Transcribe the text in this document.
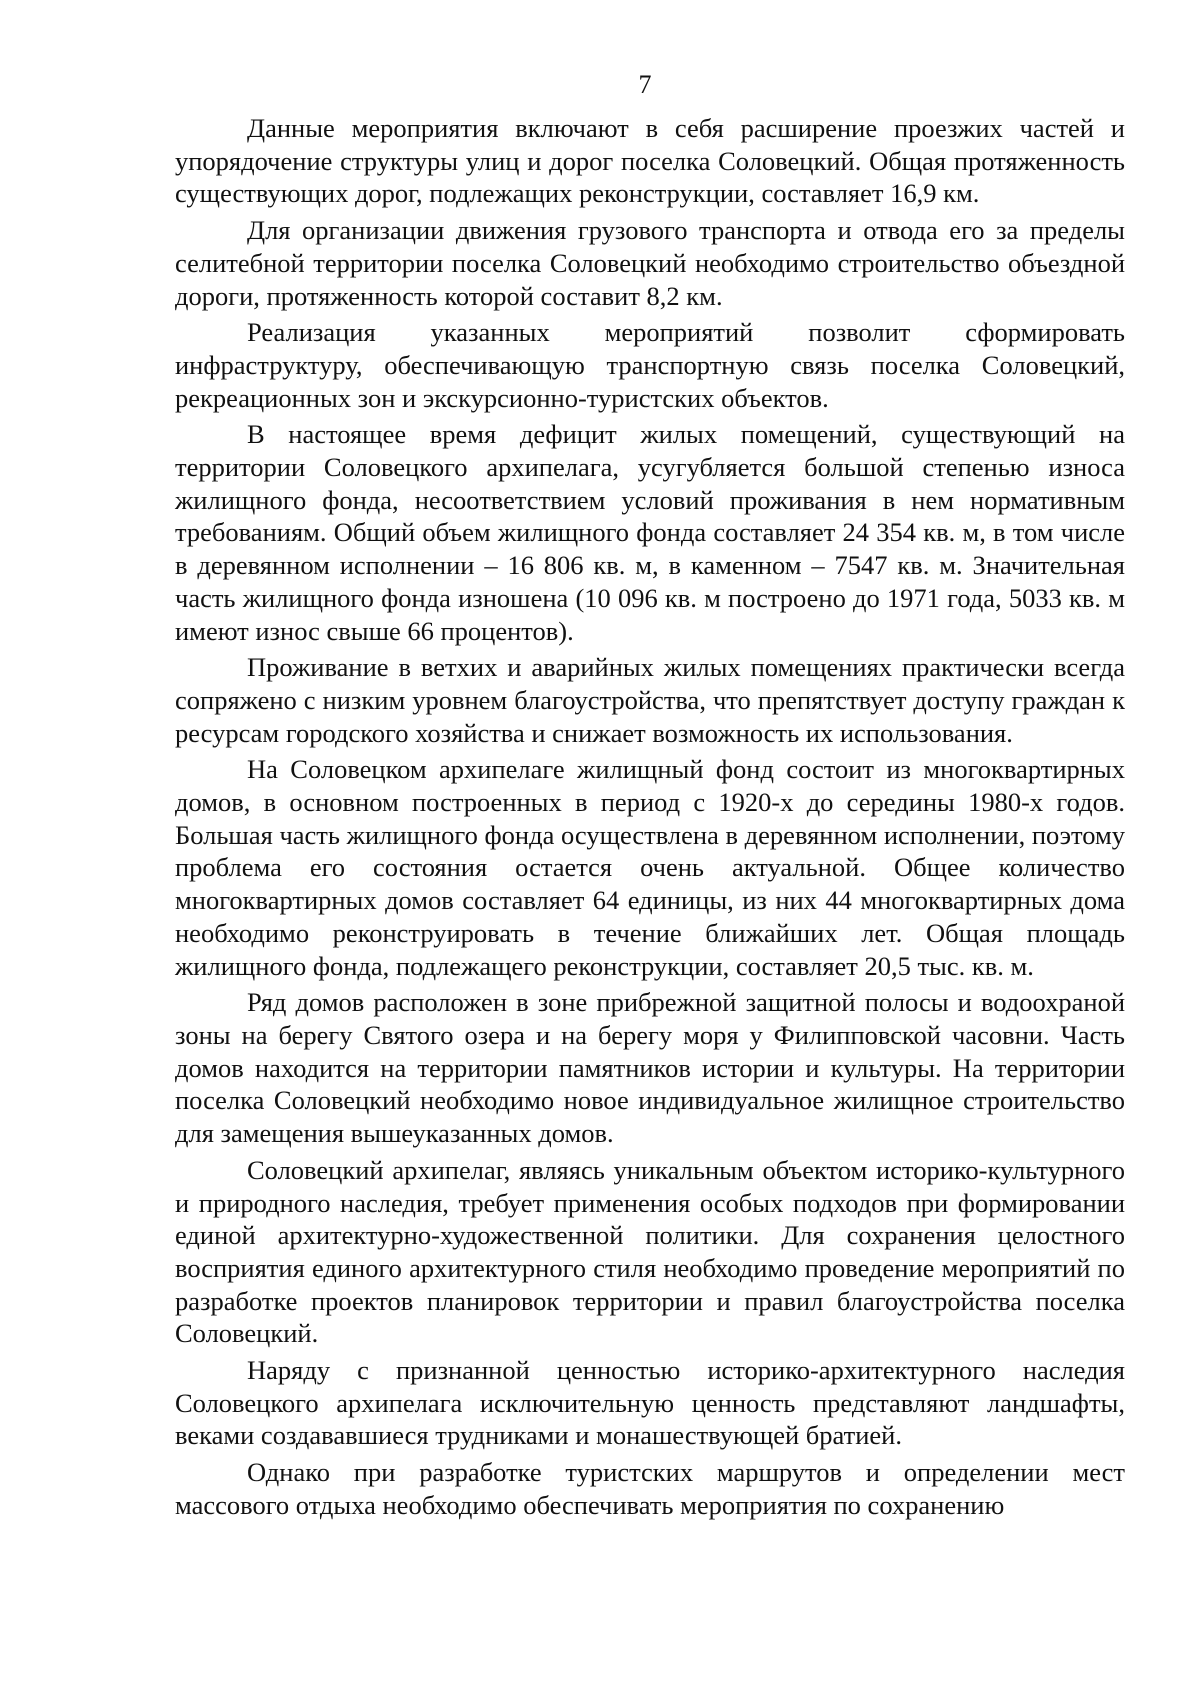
7

Данные мероприятия включают в себя расширение проезжих частей и упорядочение структуры улиц и дорог поселка Соловецкий. Общая протяженность существующих дорог, подлежащих реконструкции, составляет 16,9 км.

Для организации движения грузового транспорта и отвода его за пределы селитебной территории поселка Соловецкий необходимо строительство объездной дороги, протяженность которой составит 8,2 км.

Реализация указанных мероприятий позволит сформировать инфраструктуру, обеспечивающую транспортную связь поселка Соловецкий, рекреационных зон и экскурсионно-туристских объектов.

В настоящее время дефицит жилых помещений, существующий на территории Соловецкого архипелага, усугубляется большой степенью износа жилищного фонда, несоответствием условий проживания в нем нормативным требованиям. Общий объем жилищного фонда составляет 24 354 кв. м, в том числе в деревянном исполнении – 16 806 кв. м, в каменном – 7547 кв. м. Значительная часть жилищного фонда изношена (10 096 кв. м построено до 1971 года, 5033 кв. м имеют износ свыше 66 процентов).

Проживание в ветхих и аварийных жилых помещениях практически всегда сопряжено с низким уровнем благоустройства, что препятствует доступу граждан к ресурсам городского хозяйства и снижает возможность их использования.

На Соловецком архипелаге жилищный фонд состоит из многоквартирных домов, в основном построенных в период с 1920-х до середины 1980-х годов. Большая часть жилищного фонда осуществлена в деревянном исполнении, поэтому проблема его состояния остается очень актуальной. Общее количество многоквартирных домов составляет 64 единицы, из них 44 многоквартирных дома необходимо реконструировать в течение ближайших лет. Общая площадь жилищного фонда, подлежащего реконструкции, составляет 20,5 тыс. кв. м.

Ряд домов расположен в зоне прибрежной защитной полосы и водоохраной зоны на берегу Святого озера и на берегу моря у Филипповской часовни. Часть домов находится на территории памятников истории и культуры. На территории поселка Соловецкий необходимо новое индивидуальное жилищное строительство для замещения вышеуказанных домов.

Соловецкий архипелаг, являясь уникальным объектом историко-культурного и природного наследия, требует применения особых подходов при формировании единой архитектурно-художественной политики. Для сохранения целостного восприятия единого архитектурного стиля необходимо проведение мероприятий по разработке проектов планировок территории и правил благоустройства поселка Соловецкий.

Наряду с признанной ценностью историко-архитектурного наследия Соловецкого архипелага исключительную ценность представляют ландшафты, веками создававшиеся трудниками и монашествующей братией.

Однако при разработке туристских маршрутов и определении мест массового отдыха необходимо обеспечивать мероприятия по сохранению
